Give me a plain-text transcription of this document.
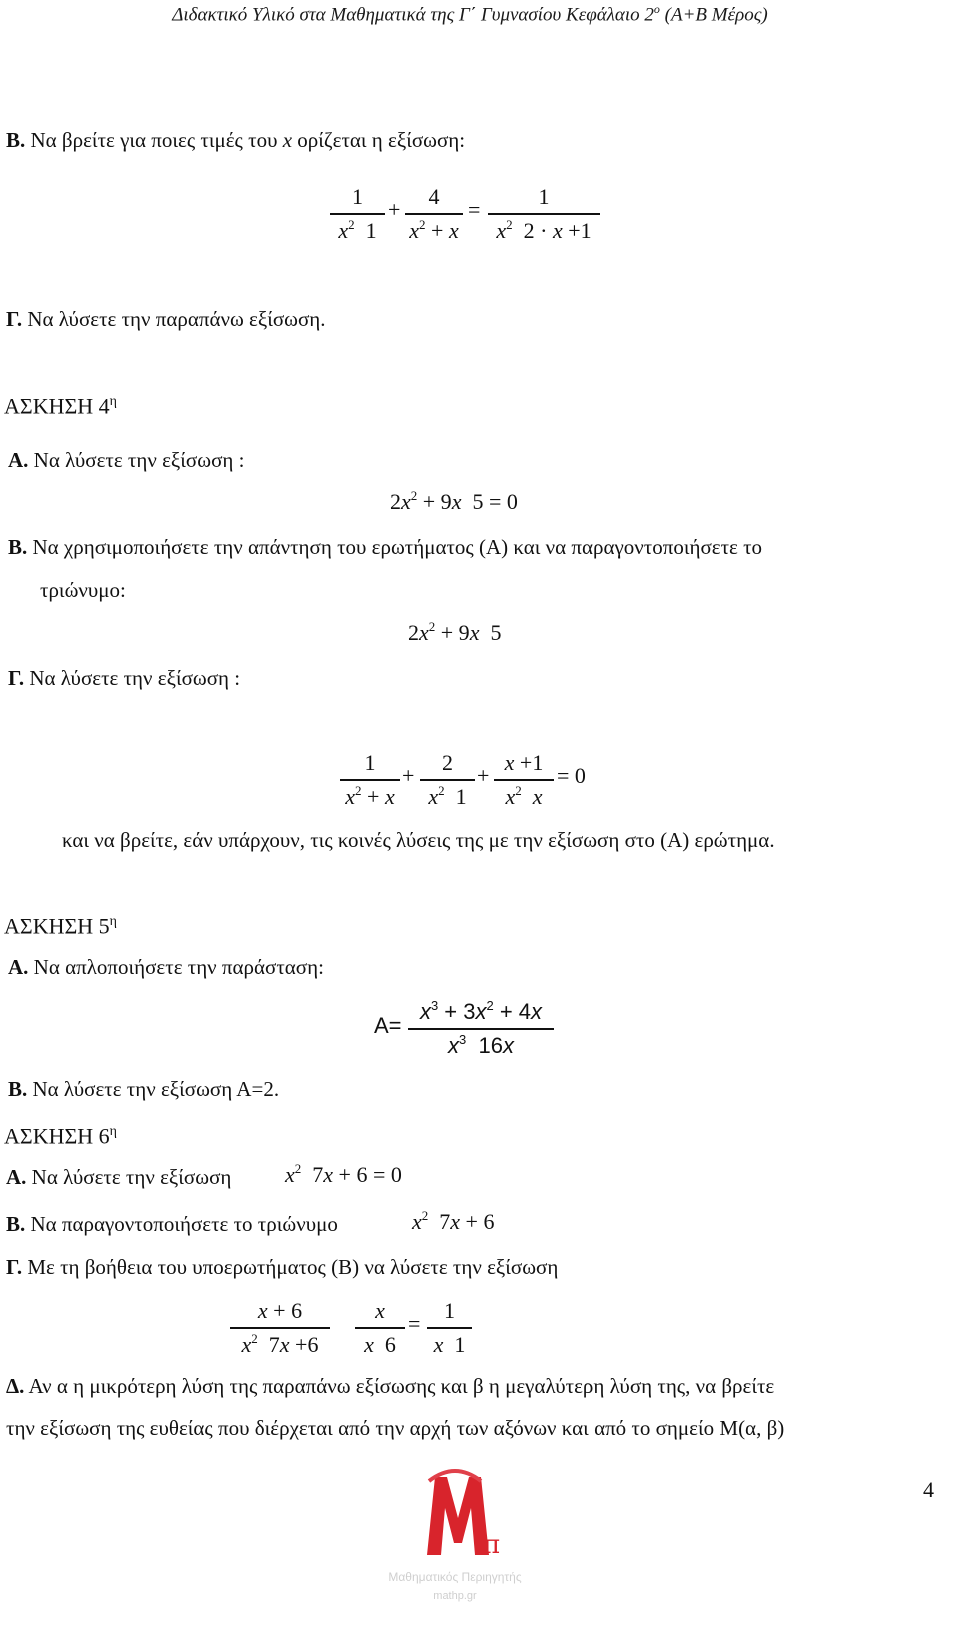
Διδακτικό Υλικό στα Μαθηματικά της Γ΄ Γυμνασίου Κεφάλαιο $2^o$ (Α+Β Μέρος)
Β. Να βρείτε για ποιες τιμές του x ορίζεται η εξίσωση:
1
$x^2$  1
+
4
$x^2 + x$
=
1
$x^2$  2 · x +1
Γ. Να λύσετε την παραπάνω εξίσωση.
ΑΣΚΗΣΗ $4^\eta$
Α. Να λύσετε την εξίσωση :
$2x^2 + 9x$  5 = 0
Β. Να χρησιμοποιήσετε την απάντηση του ερωτήματος (Α) και να παραγοντοποιήσετε το
τριώνυμο:
$2x^2 + 9x$  5
Γ. Να λύσετε την εξίσωση :
1
$x^2 + x$
+
2
$x^2$  1
+
x +1
$x^2$ x
= 0
και να βρείτε, εάν υπάρχουν, τις κοινές λύσεις της με την εξίσωση στο (Α) ερώτημα.
ΑΣΚΗΣΗ $5^\eta$
Α. Να απλοποιήσετε την παράσταση:
A=
$x^3 + 3x^2 + 4x$
$x^3$  16x
Β. Να λύσετε την εξίσωση Α=2.
ΑΣΚΗΣΗ $6^\eta$
Α. Να λύσετε την εξίσωση $x^2$  7x + 6 = 0
Β. Να παραγοντοποιήσετε το τριώνυμο	$x^2$  7x + 6
Γ. Με τη βοήθεια του υποερωτήματος (Β) να λύσετε την εξίσωση
x + 6
$x^2$  7x +6

x
x  6
=
1
x  1
Δ. Αν α η μικρότερη λύση της παραπάνω εξίσωσης και β η μεγαλύτερη λύση της, να βρείτε
την εξίσωση της ευθείας που διέρχεται από την αρχή των αξόνων και από το σημείο Μ(α, β)
4
π
Μαθηματικός Περιηγητής
mathp.gr
